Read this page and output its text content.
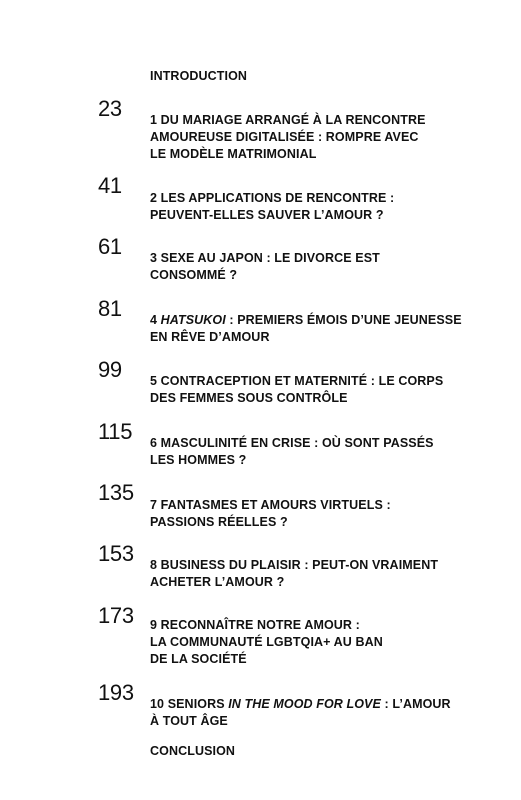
INTRODUCTION
23 1 DU MARIAGE ARRANGÉ À LA RENCONTRE
AMOUREUSE DIGITALISÉE : ROMPRE AVEC
LE MODÈLE MATRIMONIAL
41 2 LES APPLICATIONS DE RENCONTRE :
PEUVENT-ELLES SAUVER L’AMOUR ?
61 3 SEXE AU JAPON : LE DIVORCE EST
CONSOMMÉ ?
81 4 HATSUKOI : PREMIERS ÉMOIS D’UNE JEUNESSE
EN RÊVE D’AMOUR
99 5 CONTRACEPTION ET MATERNITÉ : LE CORPS
DES FEMMES SOUS CONTRÔLE
115 6 MASCULINITÉ EN CRISE : OÙ SONT PASSÉS
LES HOMMES ?
135 7 FANTASMES ET AMOURS VIRTUELS :
PASSIONS RÉELLES ?
153 8 BUSINESS DU PLAISIR : PEUT-ON VRAIMENT
ACHETER L’AMOUR ?
173 9 RECONNAÎTRE NOTRE AMOUR :
LA COMMUNAUTÉ LGBTQIA+ AU BAN
DE LA SOCIÉTÉ
193 10 SENIORS IN THE MOOD FOR LOVE : L’AMOUR
À TOUT ÂGE
CONCLUSION
